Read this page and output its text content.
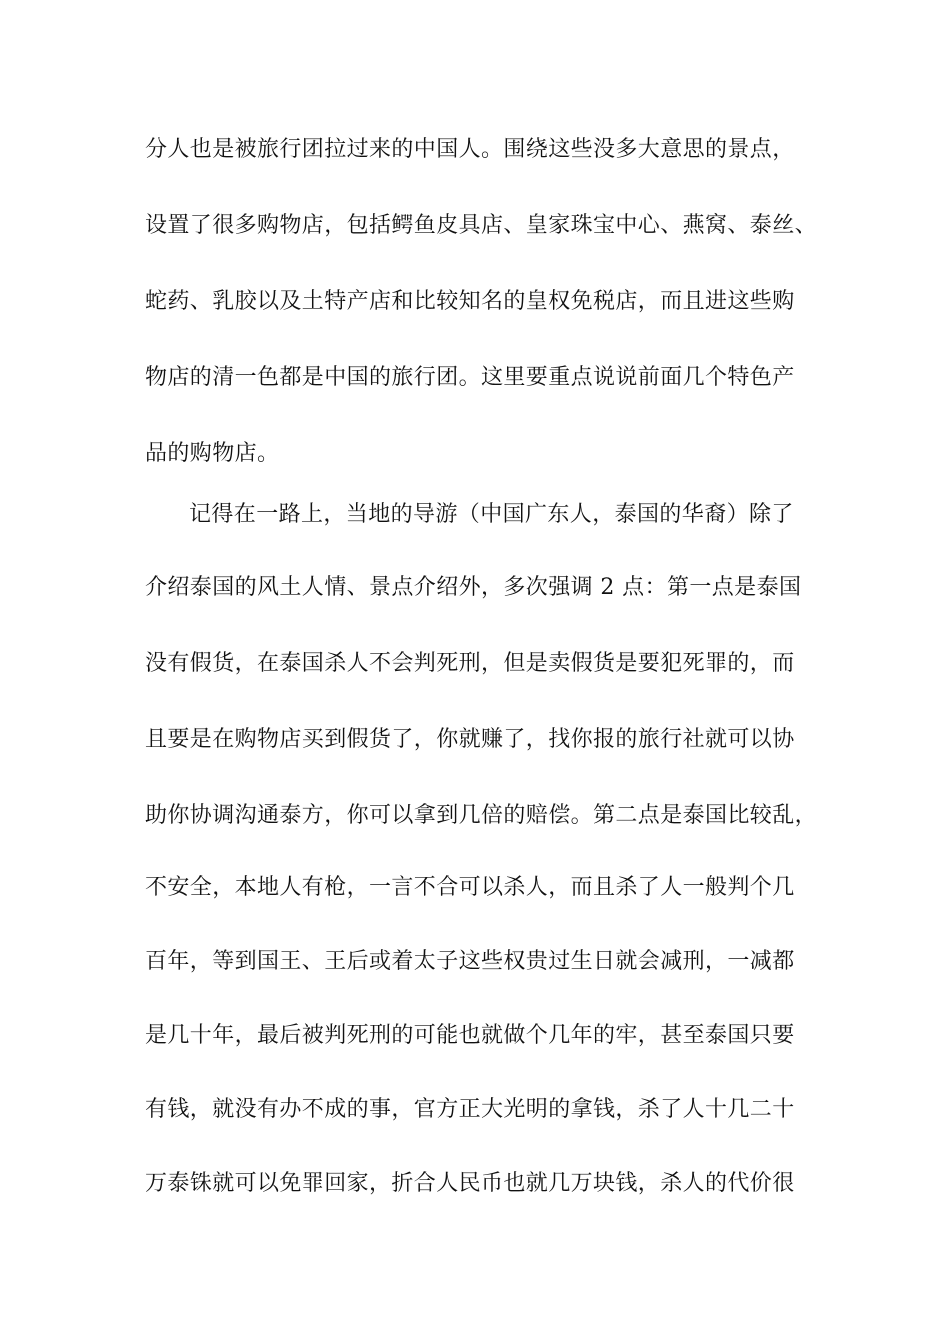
分人也是被旅行团拉过来的中国人。围绕这些没多大意思的景点，
设置了很多购物店，包括鳄鱼皮具店、皇家珠宝中心、燕窝、泰丝、
蛇药、乳胶以及土特产店和比较知名的皇权免税店，而且进这些购
物店的清一色都是中国的旅行团。这里要重点说说前面几个特色产
品的购物店。
记得在一路上，当地的导游（中国广东人，泰国的华裔）除了
介绍泰国的风土人情、景点介绍外，多次强调 2 点：第一点是泰国
没有假货，在泰国杀人不会判死刑，但是卖假货是要犯死罪的，而
且要是在购物店买到假货了，你就赚了，找你报的旅行社就可以协
助你协调沟通泰方，你可以拿到几倍的赔偿。第二点是泰国比较乱，
不安全，本地人有枪，一言不合可以杀人，而且杀了人一般判个几
百年，等到国王、王后或着太子这些权贵过生日就会减刑，一减都
是几十年，最后被判死刑的可能也就做个几年的牢，甚至泰国只要
有钱，就没有办不成的事，官方正大光明的拿钱，杀了人十几二十
万泰铢就可以免罪回家，折合人民币也就几万块钱，杀人的代价很
